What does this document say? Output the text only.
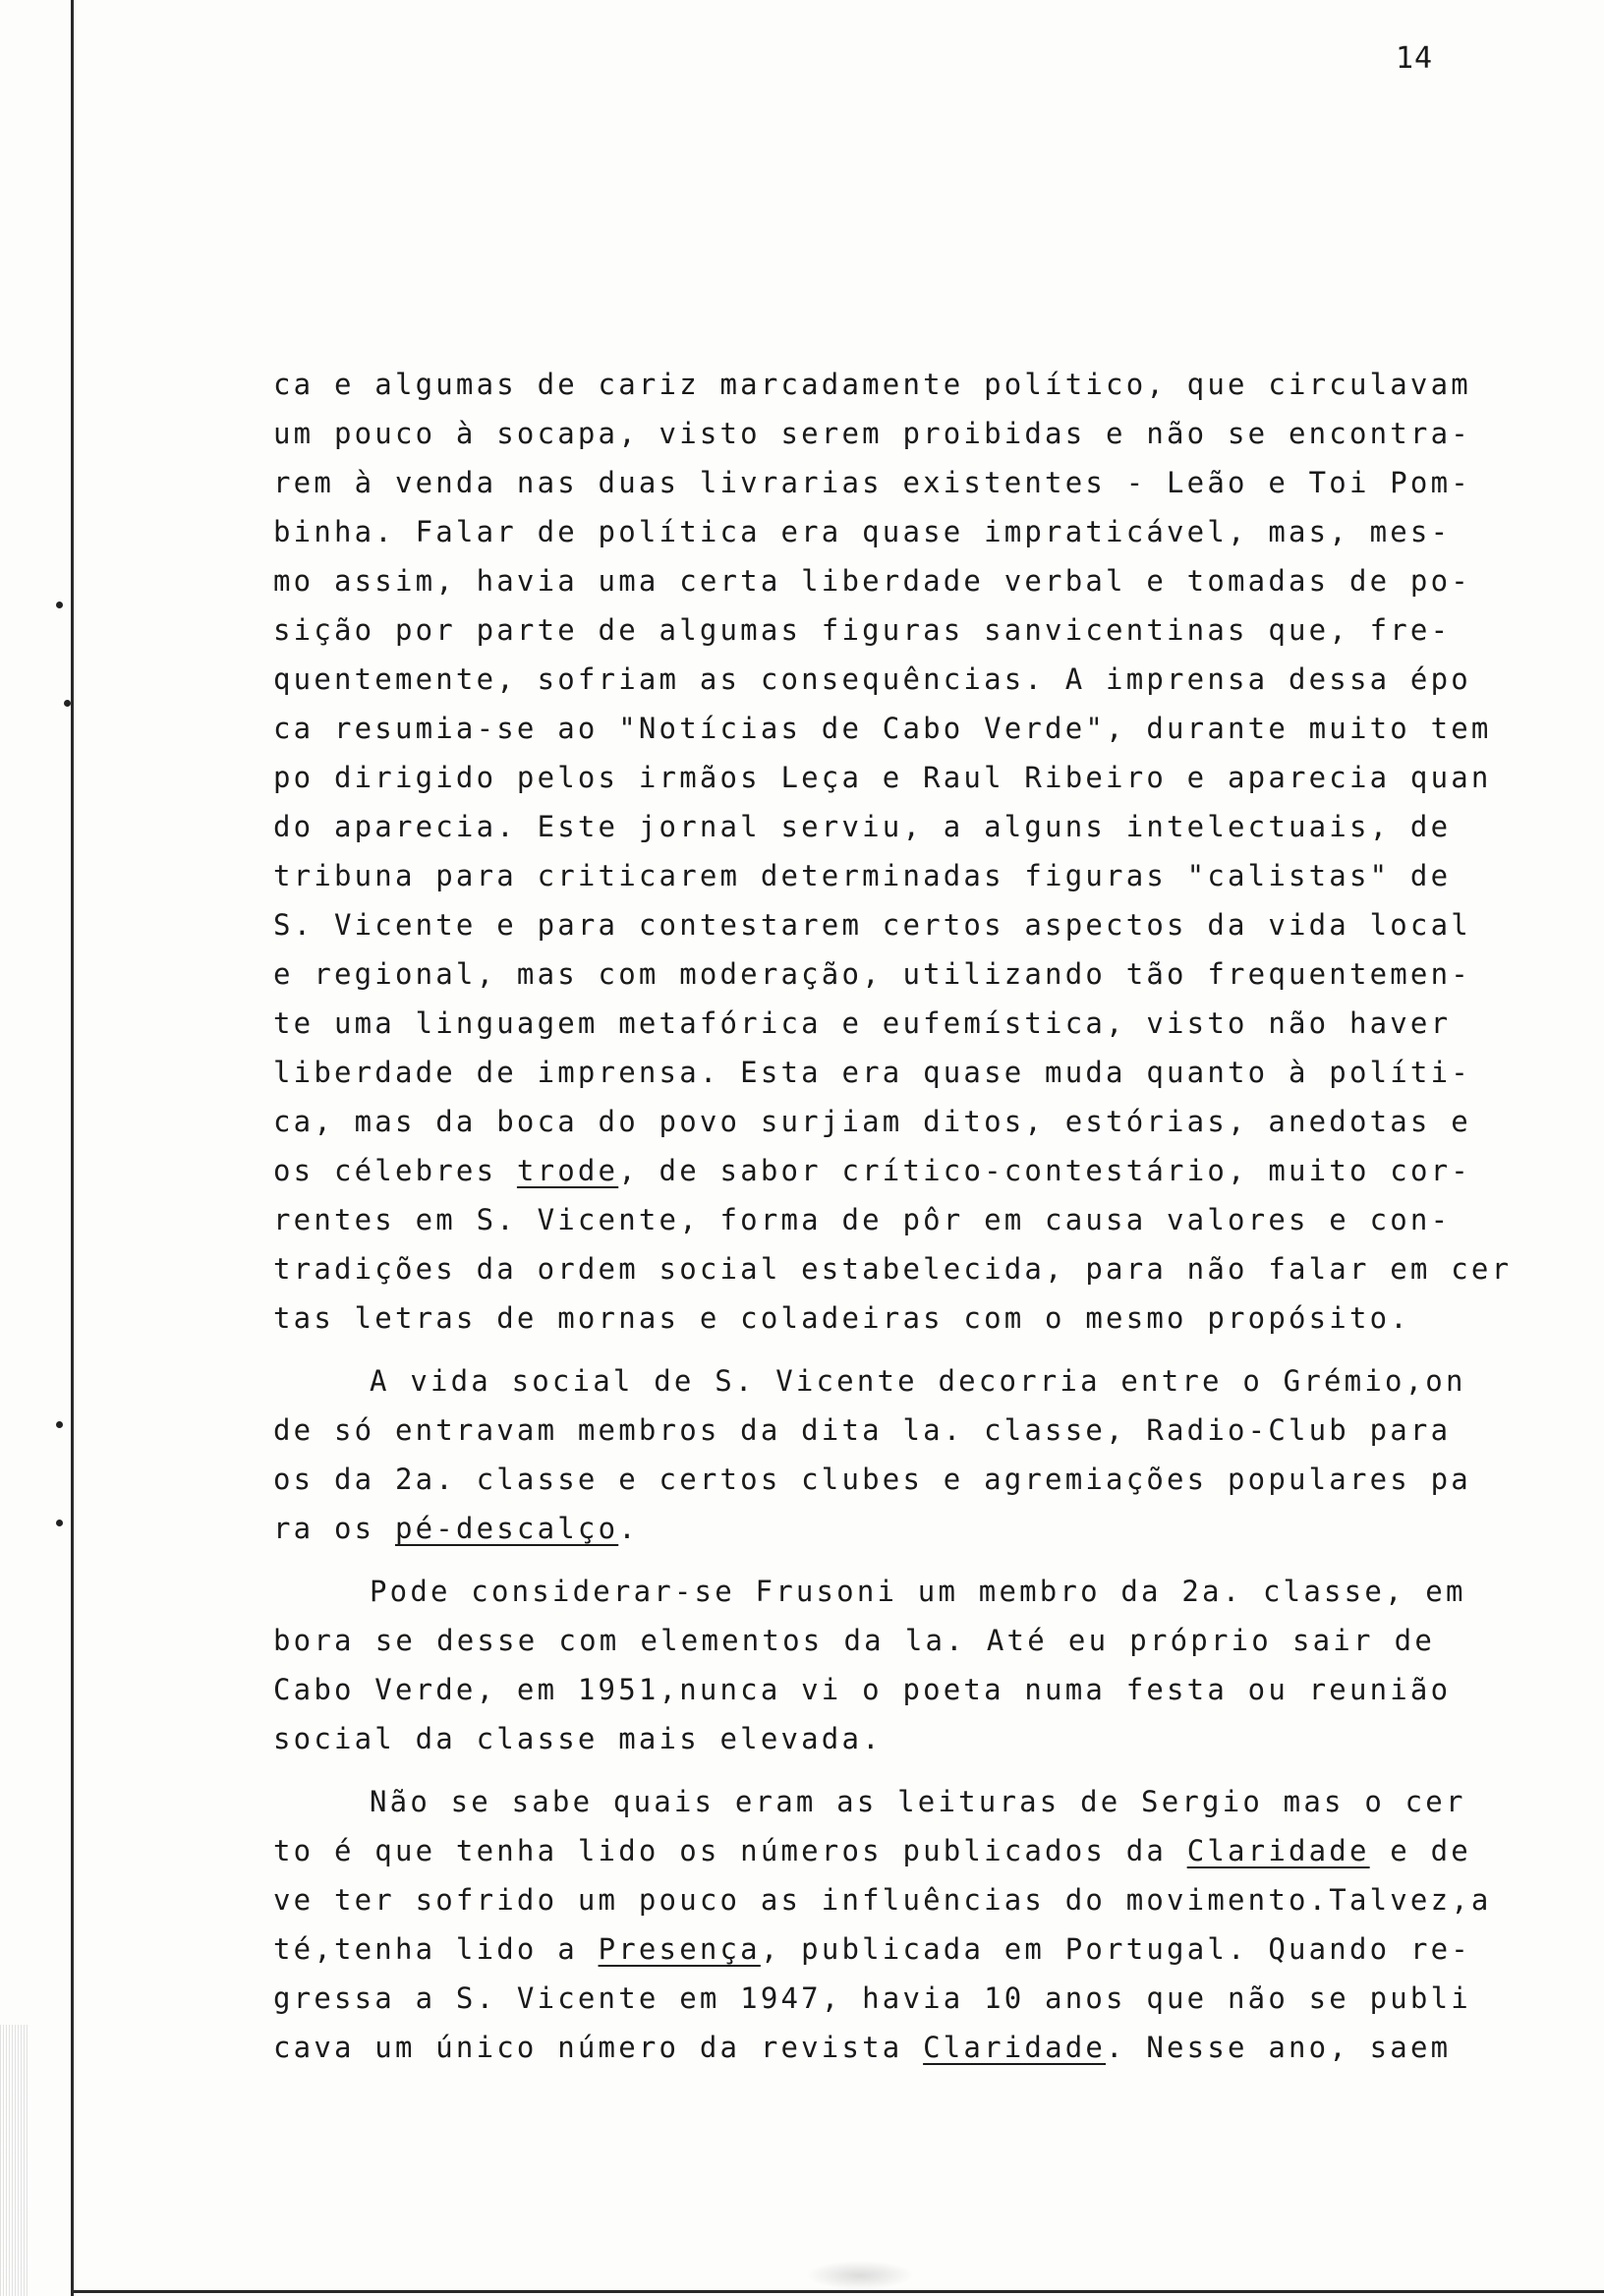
14
ca e algumas de cariz marcadamente político, que circulavam
um pouco à socapa, visto serem proibidas e não se encontra-
rem à venda nas duas livrarias existentes - Leão e Toi Pom-
binha. Falar de política era quase impraticável, mas, mes-
mo assim, havia uma certa liberdade verbal e tomadas de po-
sição por parte de algumas figuras sanvicentinas que, fre-
quentemente, sofriam as consequências. A imprensa dessa épo
ca resumia-se ao "Notícias de Cabo Verde", durante muito tem
po dirigido pelos irmãos Leça e Raul Ribeiro e aparecia quan
do aparecia. Este jornal serviu, a alguns intelectuais, de
tribuna para criticarem determinadas figuras "calistas" de
S. Vicente e para contestarem certos aspectos da vida local
e regional, mas com moderação, utilizando tão frequentemen-
te uma linguagem metafórica e eufemística, visto não haver
liberdade de imprensa. Esta era quase muda quanto à políti-
ca, mas da boca do povo surjiam ditos, estórias, anedotas e
os célebres trode, de sabor crítico-contestário, muito cor-
rentes em S. Vicente, forma de pôr em causa valores e con-
tradições da ordem social estabelecida, para não falar em cer
tas letras de mornas e coladeiras com o mesmo propósito.
A vida social de S. Vicente decorria entre o Grémio,on
de só entravam membros da dita la. classe, Radio-Club para
os da 2a. classe e certos clubes e agremiações populares pa
ra os pé-descalço.
Pode considerar-se Frusoni um membro da 2a. classe, em
bora se desse com elementos da la. Até eu próprio sair de
Cabo Verde, em 1951,nunca vi o poeta numa festa ou reunião
social da classe mais elevada.
Não se sabe quais eram as leituras de Sergio mas o cer
to é que tenha lido os números publicados da Claridade e de
ve ter sofrido um pouco as influências do movimento.Talvez,a
té,tenha lido a Presença, publicada em Portugal. Quando re-
gressa a S. Vicente em 1947, havia 10 anos que não se publi
cava um único número da revista Claridade. Nesse ano, saem
